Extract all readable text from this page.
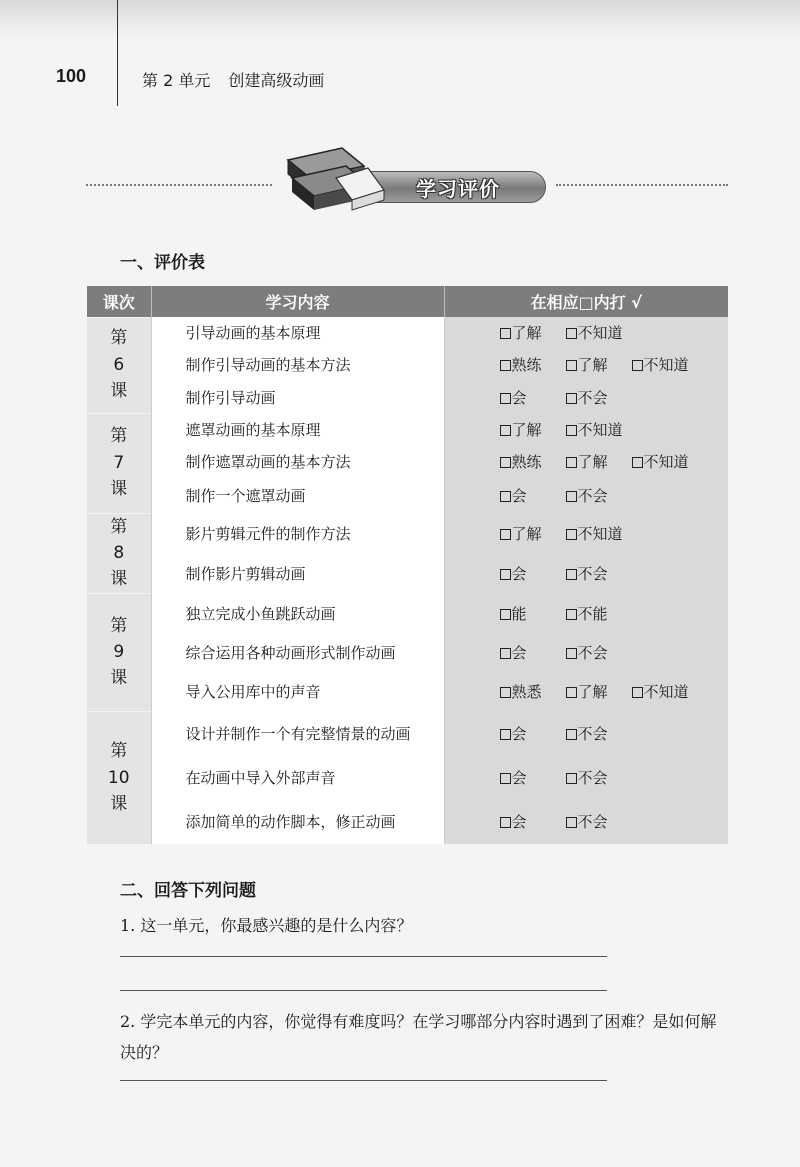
100	第 2 单元 创建高级动画
学习评价
一、评价表
课次	学习内容	在相应□内打 √
第
6
课	引导动画的基本原理	了解 不知道
	制作引导动画的基本方法	熟练 了解 不知道
	制作引导动画	会 不会
第
7
课	遮罩动画的基本原理	了解 不知道
	制作遮罩动画的基本方法	熟练 了解 不知道
	制作一个遮罩动画	会 不会
第
8
课	影片剪辑元件的制作方法	了解 不知道
	制作影片剪辑动画	会 不会
第
9
课	独立完成小鱼跳跃动画	能 不能
	综合运用各种动画形式制作动画	会 不会
	导入公用库中的声音	熟悉 了解 不知道
第
10
课	设计并制作一个有完整情景的动画	会 不会
	在动画中导入外部声音	会 不会
	添加简单的动作脚本，修正动画	会 不会
二、回答下列问题
1. 这一单元，你最感兴趣的是什么内容？
2. 学完本单元的内容，你觉得有难度吗？在学习哪部分内容时遇到了困难？是如何解决的？
